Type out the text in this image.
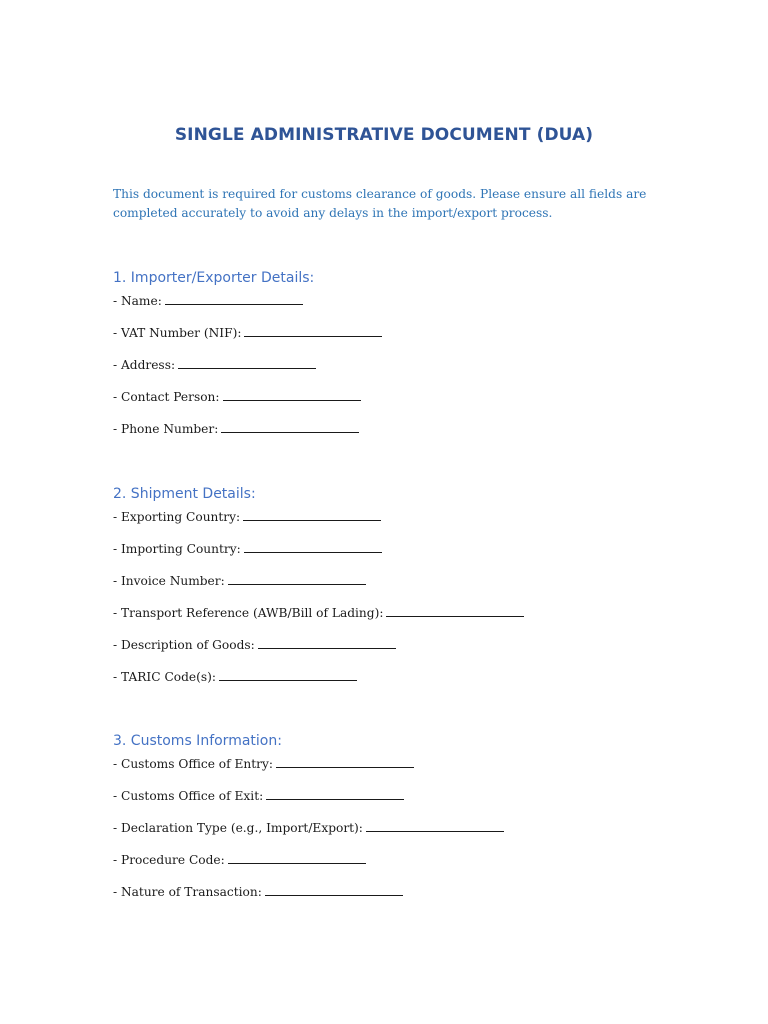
SINGLE ADMINISTRATIVE DOCUMENT (DUA)

This document is required for customs clearance of goods. Please ensure all fields are completed accurately to avoid any delays in the import/export process.

1. Importer/Exporter Details:

- Name:

- VAT Number (NIF):

- Address:

- Contact Person:

- Phone Number:

2. Shipment Details:

- Exporting Country:

- Importing Country:

- Invoice Number:

- Transport Reference (AWB/Bill of Lading):

- Description of Goods:

- TARIC Code(s):

3. Customs Information:

- Customs Office of Entry:

- Customs Office of Exit:

- Declaration Type (e.g., Import/Export):

- Procedure Code:

- Nature of Transaction:
